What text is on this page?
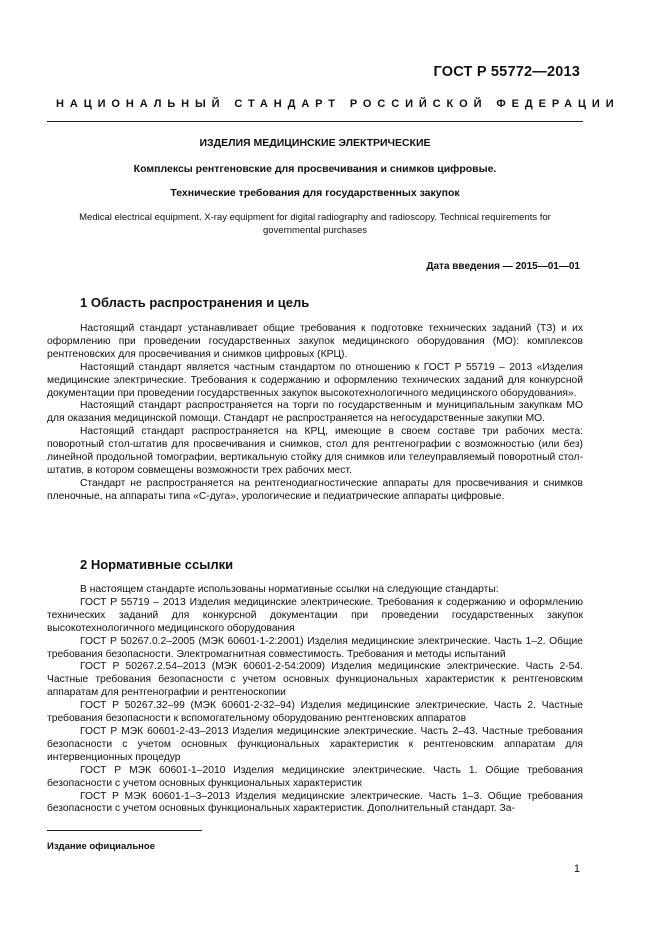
ГОСТ Р 55772—2013
НАЦИОНАЛЬНЫЙ СТАНДАРТ РОССИЙСКОЙ ФЕДЕРАЦИИ
ИЗДЕЛИЯ МЕДИЦИНСКИЕ ЭЛЕКТРИЧЕСКИЕ
Комплексы рентгеновские для просвечивания и снимков цифровые.
Технические требования для государственных закупок
Medical electrical equipment. X-ray equipment for digital radiography and radioscopy. Technical requirements for governmental purchases
Дата введения — 2015—01—01
1 Область распространения и цель

Настоящий стандарт устанавливает общие требования к подготовке технических заданий (ТЗ) и их оформлению при проведении государственных закупок медицинского оборудования (МО): комплексов рентгеновских для просвечивания и снимков цифровых (КРЦ).

Настоящий стандарт является частным стандартом по отношению к ГОСТ Р 55719 – 2013 «Изделия медицинские электрические. Требования к содержанию и оформлению технических заданий для конкурсной документации при проведении государственных закупок высокотехнологичного медицинского оборудования».

Настоящий стандарт распространяется на торги по государственным и муниципальным закупкам МО для оказания медицинской помощи. Стандарт не распространяется на негосударственные закупки МО.

Настоящий стандарт распространяется на КРЦ, имеющие в своем составе три рабочих места: поворотный стол-штатив для просвечивания и снимков, стол для рентгенографии с возможностью (или без) линейной продольной томографии, вертикальную стойку для снимков или телеуправляемый поворотный стол-штатив, в котором совмещены возможности трех рабочих мест.

Стандарт не распространяется на рентгенодиагностические аппараты для просвечивания и снимков пленочные, на аппараты типа «С-дуга», урологические и педиатрические аппараты цифровые.

2 Нормативные ссылки

В настоящем стандарте использованы нормативные ссылки на следующие стандарты:

ГОСТ Р 55719 – 2013 Изделия медицинские электрические. Требования к содержанию и оформлению технических заданий для конкурсной документации при проведении государственных закупок высокотехнологичного медицинского оборудования

ГОСТ Р 50267.0.2–2005 (МЭК 60601-1-2:2001) Изделия медицинские электрические. Часть 1–2. Общие требования безопасности. Электромагнитная совместимость. Требования и методы испытаний

ГОСТ Р 50267.2.54–2013 (МЭК 60601-2-54:2009) Изделия медицинские электрические. Часть 2-54. Частные требования безопасности с учетом основных функциональных характеристик к рентгеновским аппаратам для рентгенографии и рентгеноскопии

ГОСТ Р 50267.32–99 (МЭК 60601-2-32–94) Изделия медицинские электрические. Часть 2. Частные требования безопасности к вспомогательному оборудованию рентгеновских аппаратов

ГОСТ Р МЭК 60601-2-43–2013 Изделия медицинские электрические. Часть 2–43. Частные требования безопасности с учетом основных функциональных характеристик к рентгеновским аппаратам для интервенционных процедур

ГОСТ Р МЭК 60601-1–2010 Изделия медицинские электрические. Часть 1. Общие требования безопасности с учетом основных функциональных характеристик

ГОСТ Р МЭК 60601-1–3–2013 Изделия медицинские электрические. Часть 1–3. Общие требования безопасности с учетом основных функциональных характеристик. Дополнительный стандарт. За-

Издание официальное
1
